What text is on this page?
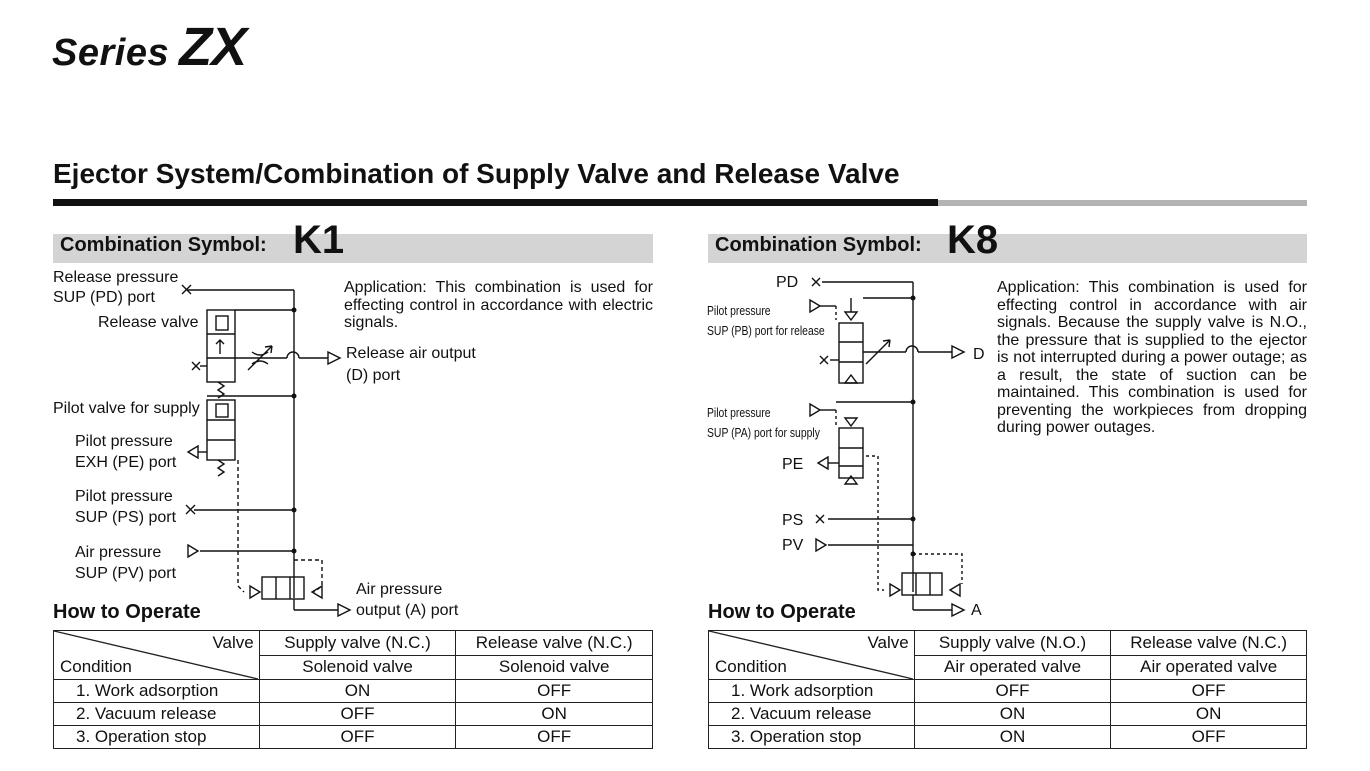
Series ZX
Ejector System/Combination of Supply Valve and Release Valve
Combination Symbol: K1	Combination Symbol: K8
Application: This combination is used for effecting control in accordance with electric signals.
Application: This combination is used for effecting control in accordance with air signals. Because the supply valve is N.O., the pressure that is supplied to the ejector is not interrupted during a power outage; as a result, the state of suction can be maintained. This combination is used for preventing the workpieces from dropping during power outages.
Release pressure
SUP (PD) port
Release valve
Release air output
(D) port
Pilot valve for supply
Pilot pressure
EXH (PE) port
Pilot pressure
SUP (PS) port
Air pressure
SUP (PV) port
Air pressure
output (A) port
PD
Pilot pressure
SUP (PB) port for release
D
Pilot pressure
SUP (PA) port for supply
PE
PS
PV
A
How to Operate	How to Operate
Valve
Condition	Supply valve (N.C.)	Release valve (N.C.)
	Solenoid valve	Solenoid valve
1. Work adsorption	ON	OFF
2. Vacuum release	OFF	ON
3. Operation stop	OFF	OFF
Valve
Condition	Supply valve (N.O.)	Release valve (N.C.)
	Air operated valve	Air operated valve
1. Work adsorption	OFF	OFF
2. Vacuum release	ON	ON
3. Operation stop	ON	OFF
